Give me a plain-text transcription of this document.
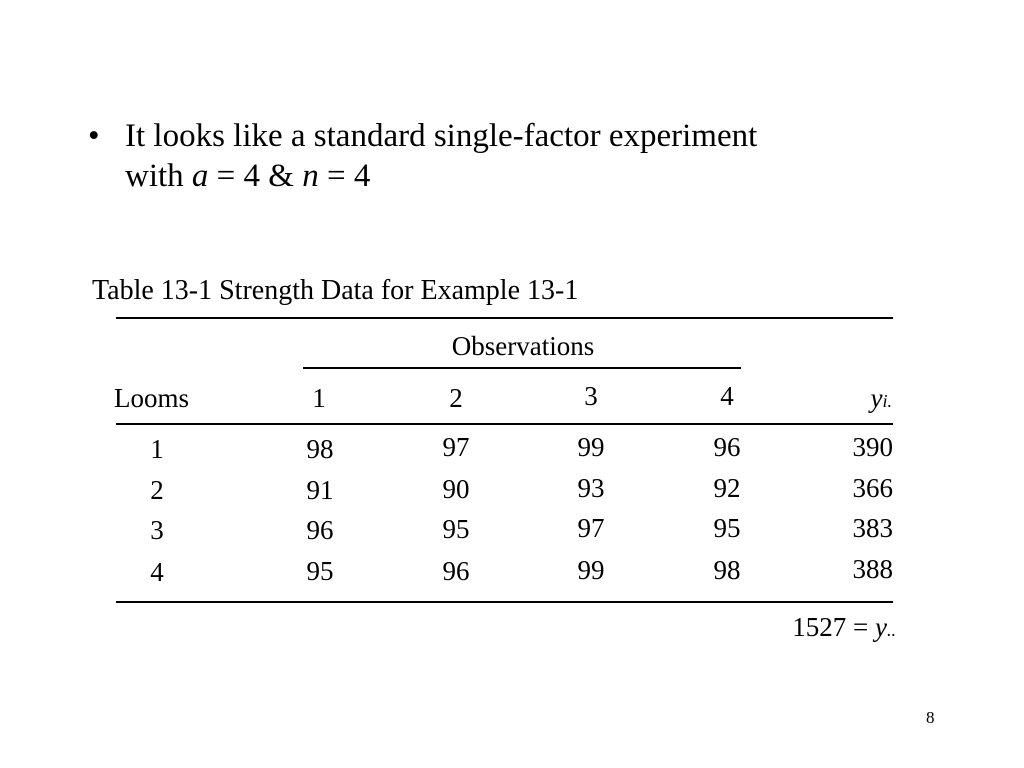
• It looks like a standard single-factor experiment
with a = 4 & n = 4
Table 13-1 Strength Data for Example 13-1
Observations
Looms	1	2	3	4	yi.
1	98	97	99	96	390
2	91	90	93	92	366
3	96	95	97	95	383
4	95	96	99	98	388
1527 = y..
8
